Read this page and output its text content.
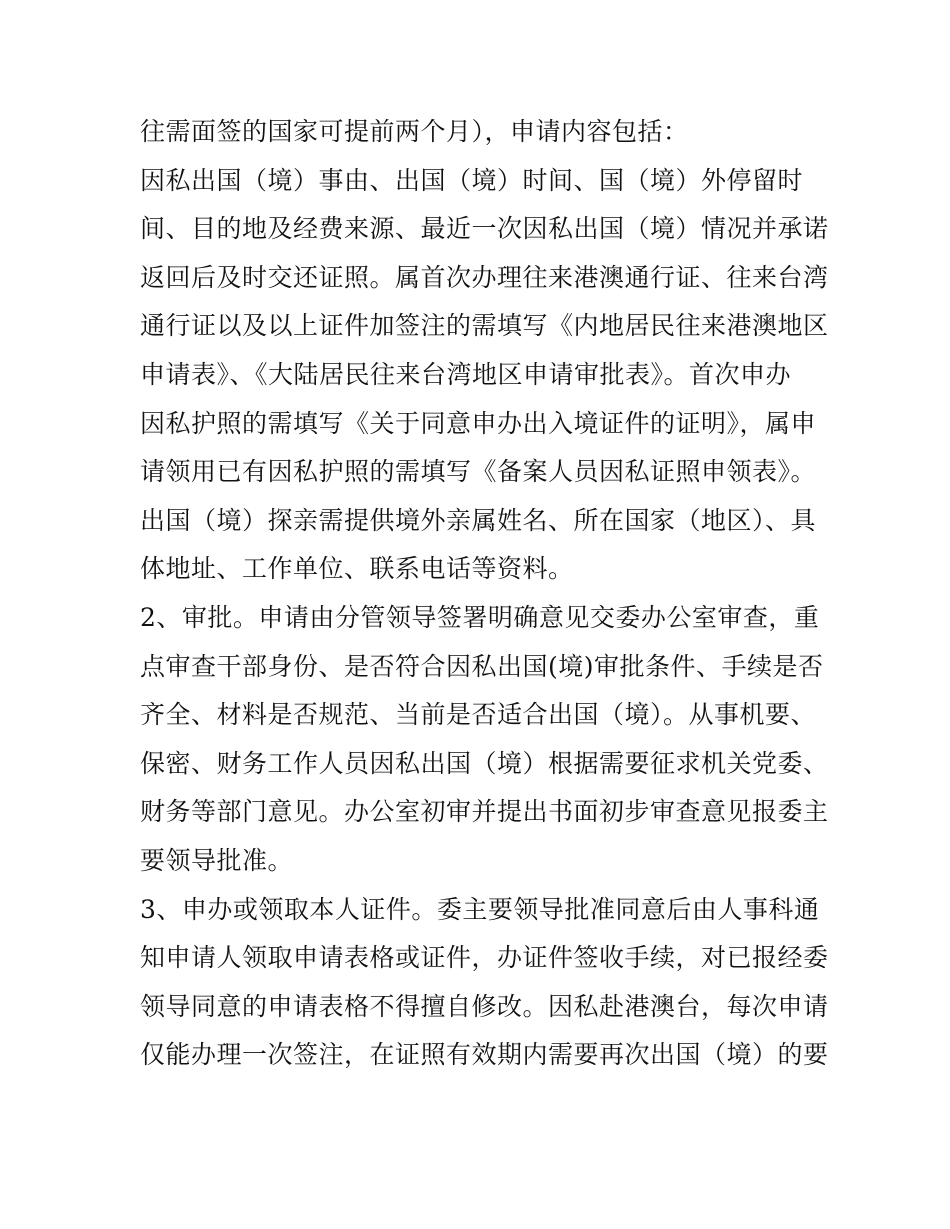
往需面签的国家可提前两个月），申请内容包括：
因私出国（境）事由、出国（境）时间、国（境）外停留时
间、目的地及经费来源、最近一次因私出国（境）情况并承诺
返回后及时交还证照。属首次办理往来港澳通行证、往来台湾
通行证以及以上证件加签注的需填写《内地居民往来港澳地区
申请表》、《大陆居民往来台湾地区申请审批表》。首次申办
因私护照的需填写《关于同意申办出入境证件的证明》，属申
请领用已有因私护照的需填写《备案人员因私证照申领表》。
出国（境）探亲需提供境外亲属姓名、所在国家（地区）、具
体地址、工作单位、联系电话等资料。
2、审批。申请由分管领导签署明确意见交委办公室审查，重
点审查干部身份、是否符合因私出国(境)审批条件、手续是否
齐全、材料是否规范、当前是否适合出国（境）。从事机要、
保密、财务工作人员因私出国（境）根据需要征求机关党委、
财务等部门意见。办公室初审并提出书面初步审查意见报委主
要领导批准。
3、申办或领取本人证件。委主要领导批准同意后由人事科通
知申请人领取申请表格或证件，办证件签收手续，对已报经委
领导同意的申请表格不得擅自修改。因私赴港澳台，每次申请
仅能办理一次签注，在证照有效期内需要再次出国（境）的要
